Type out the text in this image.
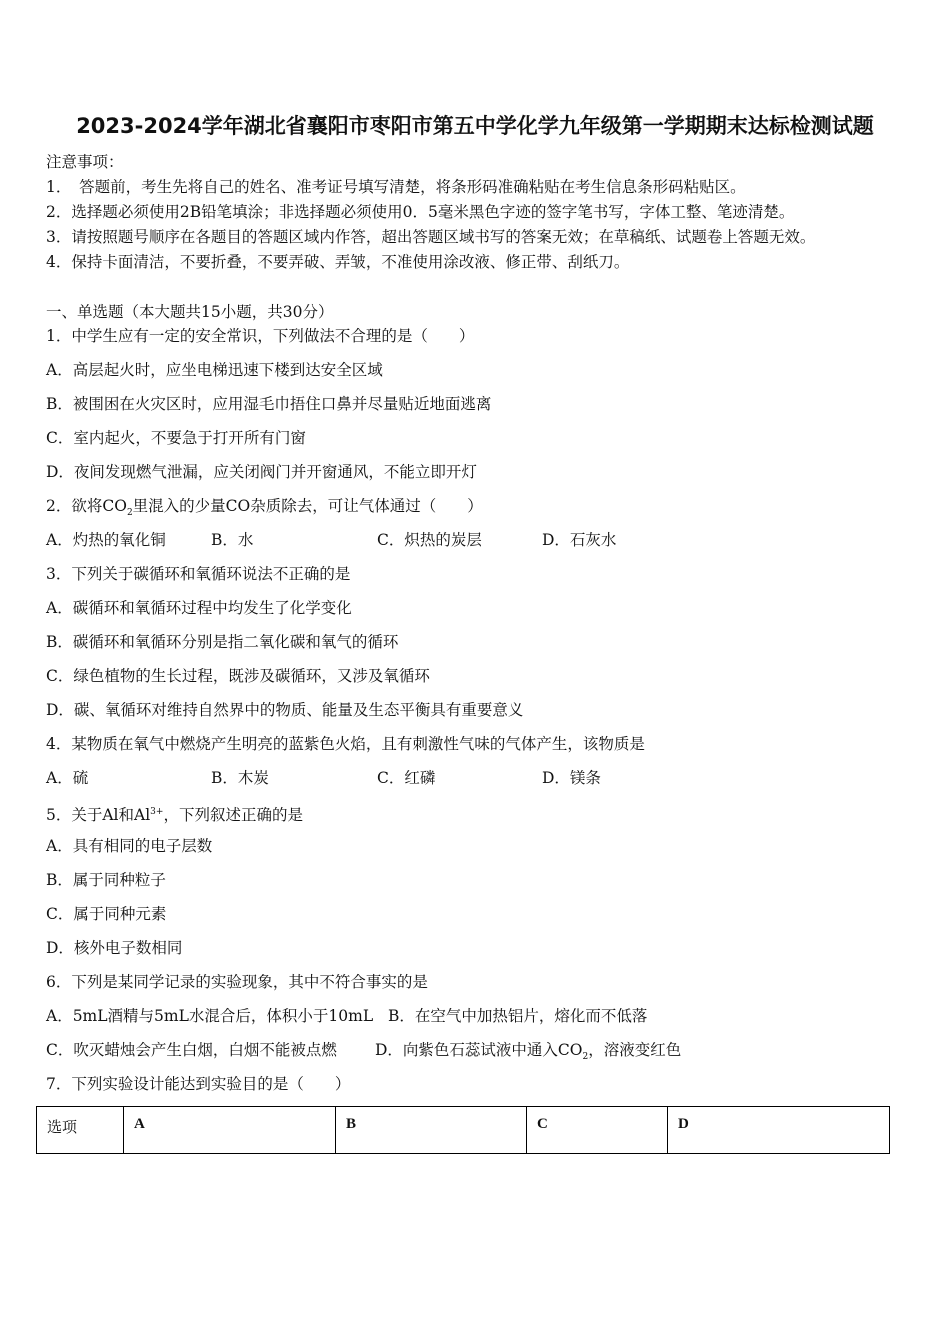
2023-2024学年湖北省襄阳市枣阳市第五中学化学九年级第一学期期末达标检测试题
注意事项：
1．　答题前，考生先将自己的姓名、准考证号填写清楚，将条形码准确粘贴在考生信息条形码粘贴区。
2．选择题必须使用2B铅笔填涂；非选择题必须使用0．5毫米黑色字迹的签字笔书写，字体工整、笔迹清楚。
3．请按照题号顺序在各题目的答题区域内作答，超出答题区域书写的答案无效；在草稿纸、试题卷上答题无效。
4．保持卡面清洁，不要折叠，不要弄破、弄皱，不准使用涂改液、修正带、刮纸刀。
一、单选题（本大题共15小题，共30分）
1．中学生应有一定的安全常识，下列做法不合理的是（　　）
A．高层起火时，应坐电梯迅速下楼到达安全区域
B．被围困在火灾区时，应用湿毛巾捂住口鼻并尽量贴近地面逃离
C．室内起火，不要急于打开所有门窗
D．夜间发现燃气泄漏，应关闭阀门并开窗通风，不能立即开灯
2．欲将$CO_2$里混入的少量CO杂质除去，可让气体通过（　　）
A．灼热的氧化铜	B．水	C．炽热的炭层	D．石灰水
3．下列关于碳循环和氧循环说法不正确的是
A．碳循环和氧循环过程中均发生了化学变化
B．碳循环和氧循环分别是指二氧化碳和氧气的循环
C．绿色植物的生长过程，既涉及碳循环，又涉及氧循环
D．碳、氧循环对维持自然界中的物质、能量及生态平衡具有重要意义
4．某物质在氧气中燃烧产生明亮的蓝紫色火焰，且有刺激性气味的气体产生，该物质是
A．硫	B．木炭	C．红磷	D．镁条
5．关于Al和$Al^{3+}$，下列叙述正确的是
A．具有相同的电子层数
B．属于同种粒子
C．属于同种元素
D．核外电子数相同
6．下列是某同学记录的实验现象，其中不符合事实的是
A．5mL酒精与5mL水混合后，体积小于10mL B．在空气中加热铝片，熔化而不低落
C．吹灭蜡烛会产生白烟，白烟不能被点燃 D．向紫色石蕊试液中通入$CO_2$，溶液变红色
7．下列实验设计能达到实验目的是（　　）
选项	A	B	C	D
